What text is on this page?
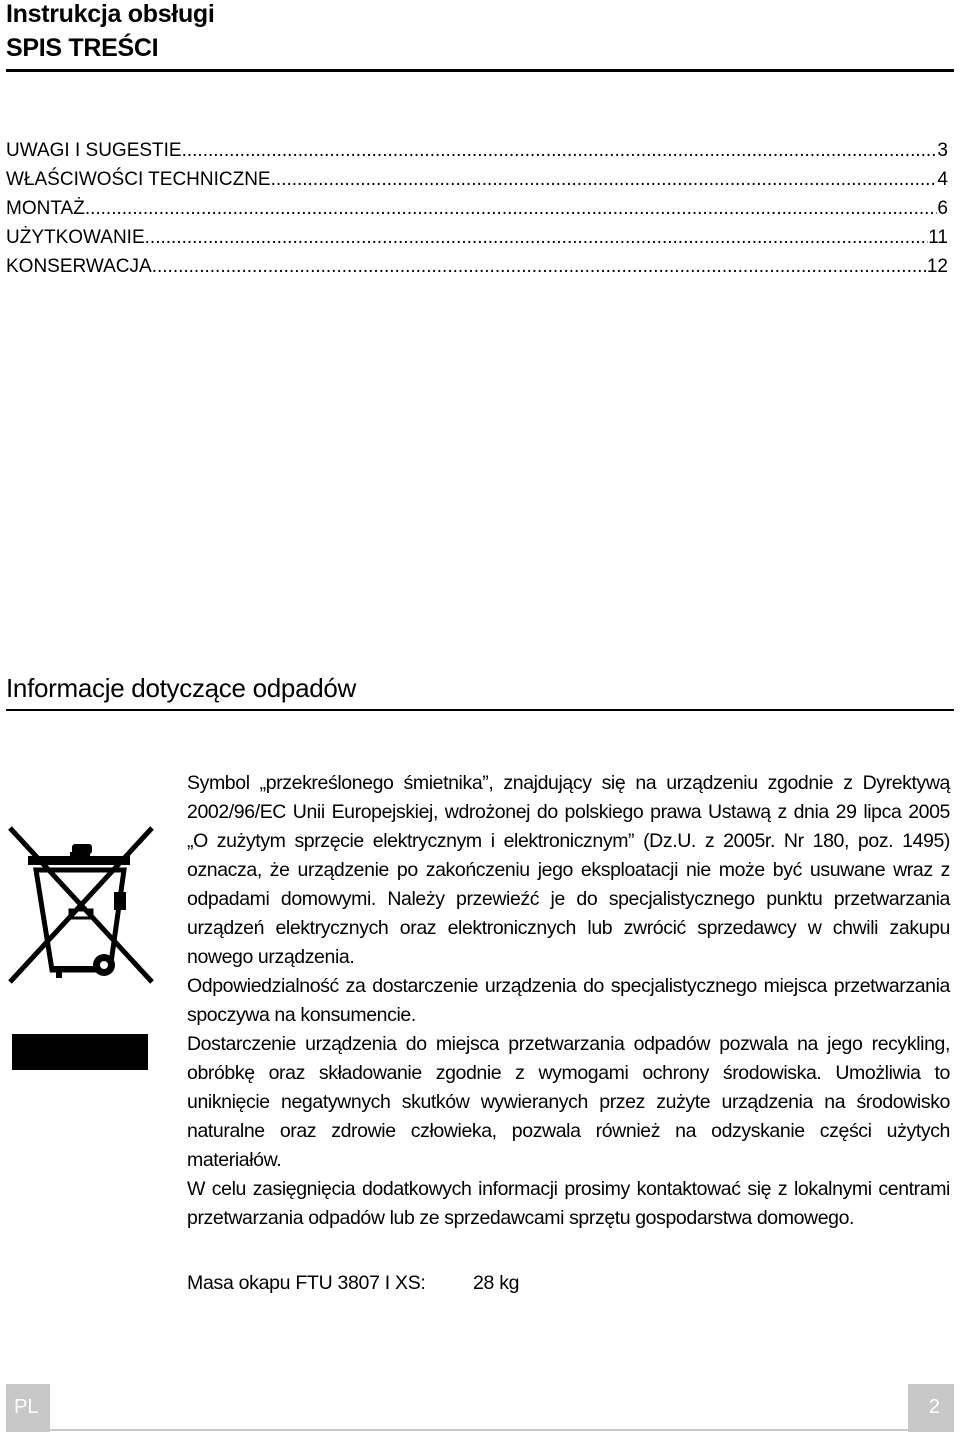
Instrukcja obsługi
SPIS TREŚCI
UWAGI I SUGESTIE .....	3
WŁAŚCIWOŚCI TECHNICZNE .....	4
MONTAŻ .....	6
UŻYTKOWANIE .....	11
KONSERWACJA .....	12
Informacje dotyczące odpadów

Symbol „przekreślonego śmietnika”, znajdujący się na urządzeniu zgodnie z Dyrektywą 2002/96/EC Unii Europejskiej, wdrożonej do polskiego prawa Ustawą z dnia 29 lipca 2005 „O zużytym sprzęcie elektrycznym i elektronicznym” (Dz.U. z 2005r. Nr 180, poz. 1495) oznacza, że urządzenie po zakończeniu jego eksploatacji nie może być usuwane wraz z odpadami domowymi. Należy przewieźć je do specjalistycznego punktu przetwarzania urządzeń elektrycznych oraz elektronicznych lub zwrócić sprzedawcy w chwili zakupu nowego urządzenia.

Odpowiedzialność za dostarczenie urządzenia do specjalistycznego miejsca przetwarzania spoczywa na konsumencie.

Dostarczenie urządzenia do miejsca przetwarzania odpadów pozwala na jego recykling, obróbkę oraz składowanie zgodnie z wymogami ochrony środowiska. Umożliwia to uniknięcie negatywnych skutków wywieranych przez zużyte urządzenia na środowisko naturalne oraz zdrowie człowieka, pozwala również na odzyskanie części użytych materiałów.

W celu zasięgnięcia dodatkowych informacji prosimy kontaktować się z lokalnymi centrami przetwarzania odpadów lub ze sprzedawcami sprzętu gospodarstwa domowego.

Masa okapu FTU 3807 I XS: 28 kg
PL	2
